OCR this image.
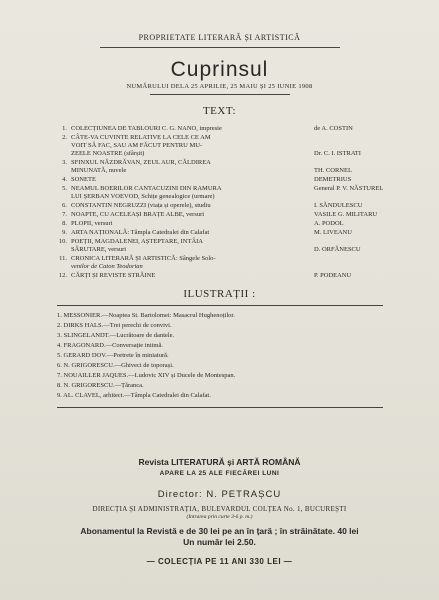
PROPRIETATE LITERARĂ ȘI ARTISTICĂ
Cuprinsul
NUMĂRULUI DELA 25 APRILIE, 25 MAIU ȘI 25 IUNIE 1908
TEXT:
1. COLECȚIUNEA DE TABLOURI C. G. NANO, impresie	de A. COSTIN
2. CÂTE-VA CUVINTE RELATIVE LA CELE CE AM
VOIT SĂ FAC, SAU AM FĂCUT PENTRU MU-
ZEELE NOASTRE (sfârșit)	Dr. C. I. ISTRATI
3. SFINXUL NĂZDRĂVAN, ZEUL AUR, CĂLDIREA
MINUNATĂ, nuvele	TH. CORNEL
4. SONETE	DEMETRIUS
5. NEAMUL BOERILOR CANTACUZINI DIN RAMURA
LUI ȘERBAN VOEVOD, Schițe genealogice (urmare)
General P. V. NĂSTUREL
6. CONSTANTIN NEGRUZZI (viața și operele), studiu	I. SĂNDULESCU
7. NOAPTE, CU ACELEAȘI BRAȚE ALBE, versuri	VASILE G. MILITARU
8. PLOPII, versuri	A. PODOL
9. ARTA NAȚIONALĂ: Tâmpla Catedralei din Calafat	M. LIVEANU
10. POEȚII, MAGDALENEI, AȘTEPTARE, INTÂIA
SĂRUTARE, versuri	D. ORFĂNESCU
11. CRONICA LITERARĂ ȘI ARTISTICĂ: Sângele Solo-
venilor de Caton Teodorian
12. CĂRȚI ȘI REVISTE STRĂINE	P. PODEANU
ILUSTRAȚII :
1. MESSONIER.—Noaptea St. Bartolomei: Masacrul Hughenoților.
2. DIRKS HALS.—Trei perechi de convivi.
3. SLINGELANDT.—Lucrătoare de dantele.
4. FRAGONARD.—Conversație intimă.
5. GERARD DOV.—Portrete în miniatură.
6. N. GRIGORESCU.—Ghiveci de toporași.
7. NOUAILLER JAQUES.—Ludovic XIV și Ducele de Montespan.
8. N. GRIGORESCU.—Țăranca.
9. AL. CLAVEL, arhitect.—Tâmpla Catedralei din Calafat.
Revista LITERATURĂ și ARTĂ ROMÂNĂ
APARE LA 25 ALE FIECĂREI LUNI
Director: N. PETRAȘCU
DIRECȚIA ȘI ADMINISTRAȚIA, BULEVARDUL COLȚEA No. 1, BUCUREȘTI
(Intrarea prin curte 3-6 p. m.)
Abonamentul la Revistă e de 30 lei pe an în țară ; în străinătate. 40 lei
Un număr lei 2.50.
— COLECȚIA PE 11 ANI 330 LEI —
